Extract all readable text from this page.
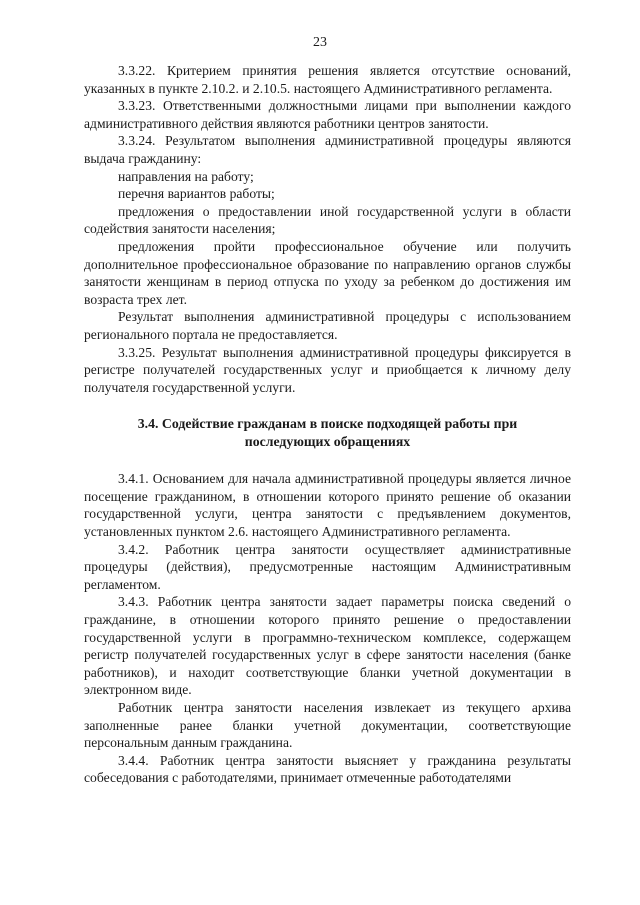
23

3.3.22. Критерием принятия решения является отсутствие оснований, указанных в пункте 2.10.2. и 2.10.5. настоящего Административного регламента.

3.3.23. Ответственными должностными лицами при выполнении каждого административного действия являются работники центров занятости.

3.3.24. Результатом выполнения административной процедуры являются выдача гражданину:

направления на работу;

перечня вариантов работы;

предложения о предоставлении иной государственной услуги в области содействия занятости населения;

предложения пройти профессиональное обучение или получить дополнительное профессиональное образование по направлению органов службы занятости женщинам в период отпуска по уходу за ребенком до достижения им возраста трех лет.

Результат выполнения административной процедуры с использованием регионального портала не предоставляется.

3.3.25. Результат выполнения административной процедуры фиксируется в регистре получателей государственных услуг и приобщается к личному делу получателя государственной услуги.

3.4. Содействие гражданам в поиске подходящей работы при последующих обращениях

3.4.1. Основанием для начала административной процедуры является личное посещение гражданином, в отношении которого принято решение об оказании государственной услуги, центра занятости с предъявлением документов, установленных пунктом 2.6. настоящего Административного регламента.

3.4.2. Работник центра занятости осуществляет административные процедуры (действия), предусмотренные настоящим Административным регламентом.

3.4.3. Работник центра занятости задает параметры поиска сведений о гражданине, в отношении которого принято решение о предоставлении государственной услуги в программно-техническом комплексе, содержащем регистр получателей государственных услуг в сфере занятости населения (банке работников), и находит соответствующие бланки учетной документации в электронном виде.

Работник центра занятости населения извлекает из текущего архива заполненные ранее бланки учетной документации, соответствующие персональным данным гражданина.

3.4.4. Работник центра занятости выясняет у гражданина результаты собеседования с работодателями, принимает отмеченные работодателями
